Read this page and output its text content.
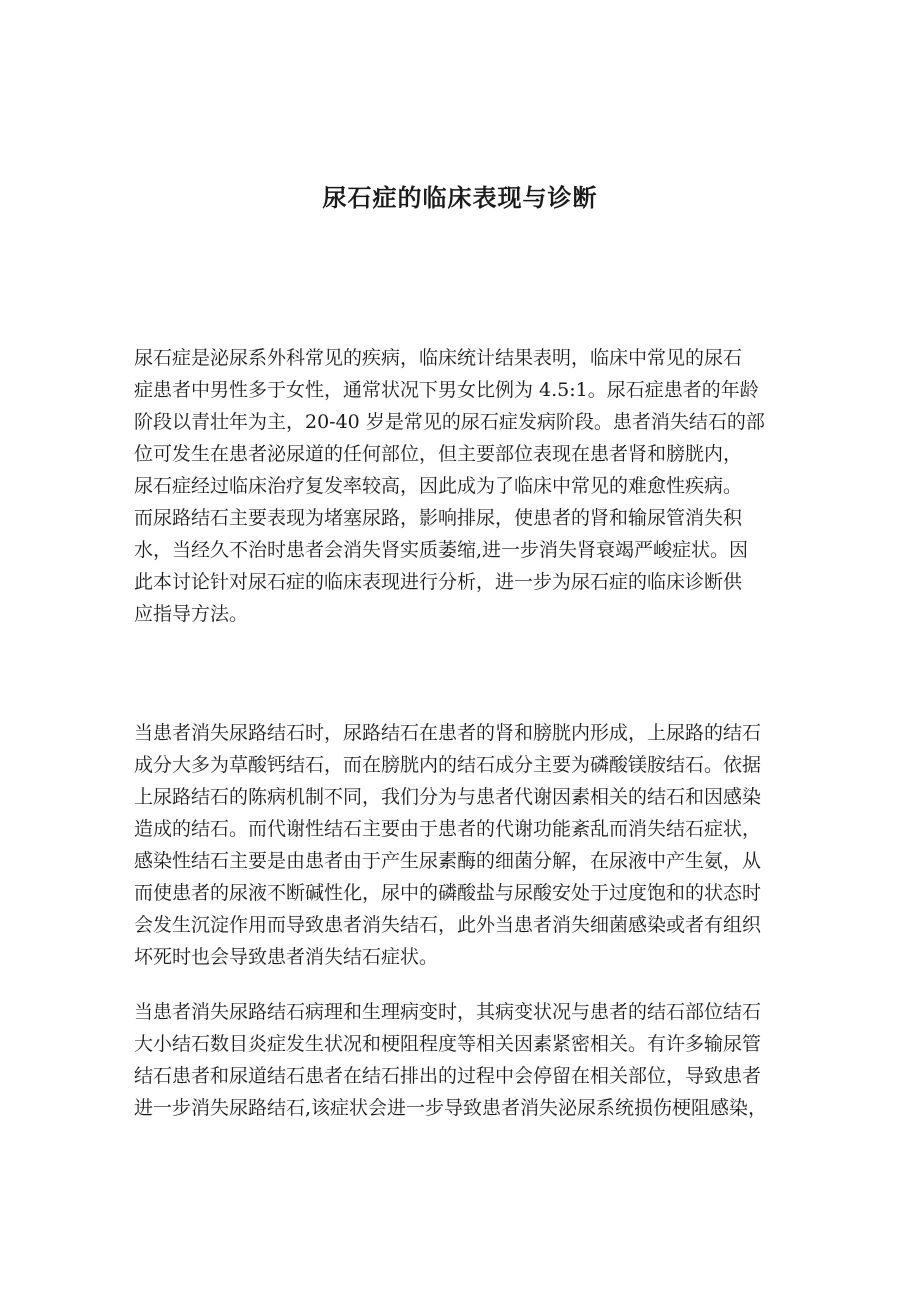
尿石症的临床表现与诊断

尿石症是泌尿系外科常见的疾病，临床统计结果表明，临床中常见的尿石
症患者中男性多于女性，通常状况下男女比例为 4.5:1。尿石症患者的年龄
阶段以青壮年为主，20-40 岁是常见的尿石症发病阶段。患者消失结石的部
位可发生在患者泌尿道的任何部位，但主要部位表现在患者肾和膀胱内，
尿石症经过临床治疗复发率较高，因此成为了临床中常见的难愈性疾病。
而尿路结石主要表现为堵塞尿路，影响排尿，使患者的肾和输尿管消失积
水，当经久不治时患者会消失肾实质萎缩,进一步消失肾衰竭严峻症状。因
此本讨论针对尿石症的临床表现进行分析，进一步为尿石症的临床诊断供
应指导方法。

当患者消失尿路结石时，尿路结石在患者的肾和膀胱内形成，上尿路的结石
成分大多为草酸钙结石，而在膀胱内的结石成分主要为磷酸镁胺结石。依据
上尿路结石的陈病机制不同，我们分为与患者代谢因素相关的结石和因感染
造成的结石。而代谢性结石主要由于患者的代谢功能紊乱而消失结石症状，
感染性结石主要是由患者由于产生尿素酶的细菌分解，在尿液中产生氨，从
而使患者的尿液不断碱性化，尿中的磷酸盐与尿酸安处于过度饱和的状态时
会发生沉淀作用而导致患者消失结石，此外当患者消失细菌感染或者有组织
坏死时也会导致患者消失结石症状。

当患者消失尿路结石病理和生理病变时，其病变状况与患者的结石部位结石
大小结石数目炎症发生状况和梗阻程度等相关因素紧密相关。有许多输尿管
结石患者和尿道结石患者在结石排出的过程中会停留在相关部位，导致患者
进一步消失尿路结石,该症状会进一步导致患者消失泌尿系统损伤梗阻感染，
